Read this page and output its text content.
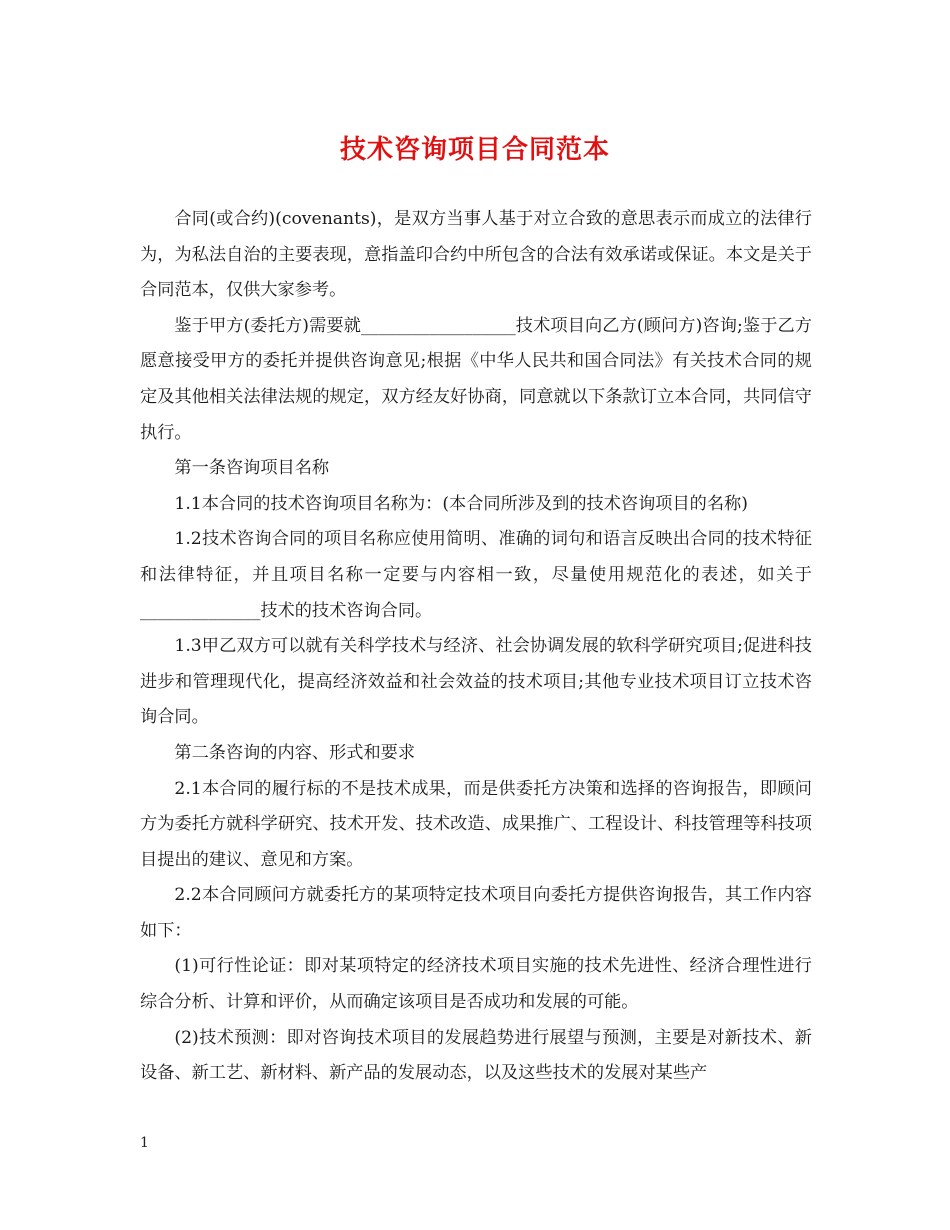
技术咨询项目合同范本

合同(或合约)(covenants)，是双方当事人基于对立合致的意思表示而成立的法律行为，为私法自治的主要表现，意指盖印合约中所包含的合法有效承诺或保证。本文是关于合同范本，仅供大家参考。

鉴于甲方(委托方)需要就__________________技术项目向乙方(顾问方)咨询;鉴于乙方愿意接受甲方的委托并提供咨询意见;根据《中华人民共和国合同法》有关技术合同的规定及其他相关法律法规的规定，双方经友好协商，同意就以下条款订立本合同，共同信守执行。

第一条咨询项目名称

1.1本合同的技术咨询项目名称为：(本合同所涉及到的技术咨询项目的名称)

1.2技术咨询合同的项目名称应使用简明、准确的词句和语言反映出合同的技术特征和法律特征，并且项目名称一定要与内容相一致，尽量使用规范化的表述，如关于______________技术的技术咨询合同。

1.3甲乙双方可以就有关科学技术与经济、社会协调发展的软科学研究项目;促进科技进步和管理现代化，提高经济效益和社会效益的技术项目;其他专业技术项目订立技术咨询合同。

第二条咨询的内容、形式和要求

2.1本合同的履行标的不是技术成果，而是供委托方决策和选择的咨询报告，即顾问方为委托方就科学研究、技术开发、技术改造、成果推广、工程设计、科技管理等科技项目提出的建议、意见和方案。

2.2本合同顾问方就委托方的某项特定技术项目向委托方提供咨询报告，其工作内容如下：

(1)可行性论证：即对某项特定的经济技术项目实施的技术先进性、经济合理性进行综合分析、计算和评价，从而确定该项目是否成功和发展的可能。

(2)技术预测：即对咨询技术项目的发展趋势进行展望与预测，主要是对新技术、新设备、新工艺、新材料、新产品的发展动态，以及这些技术的发展对某些产

1
